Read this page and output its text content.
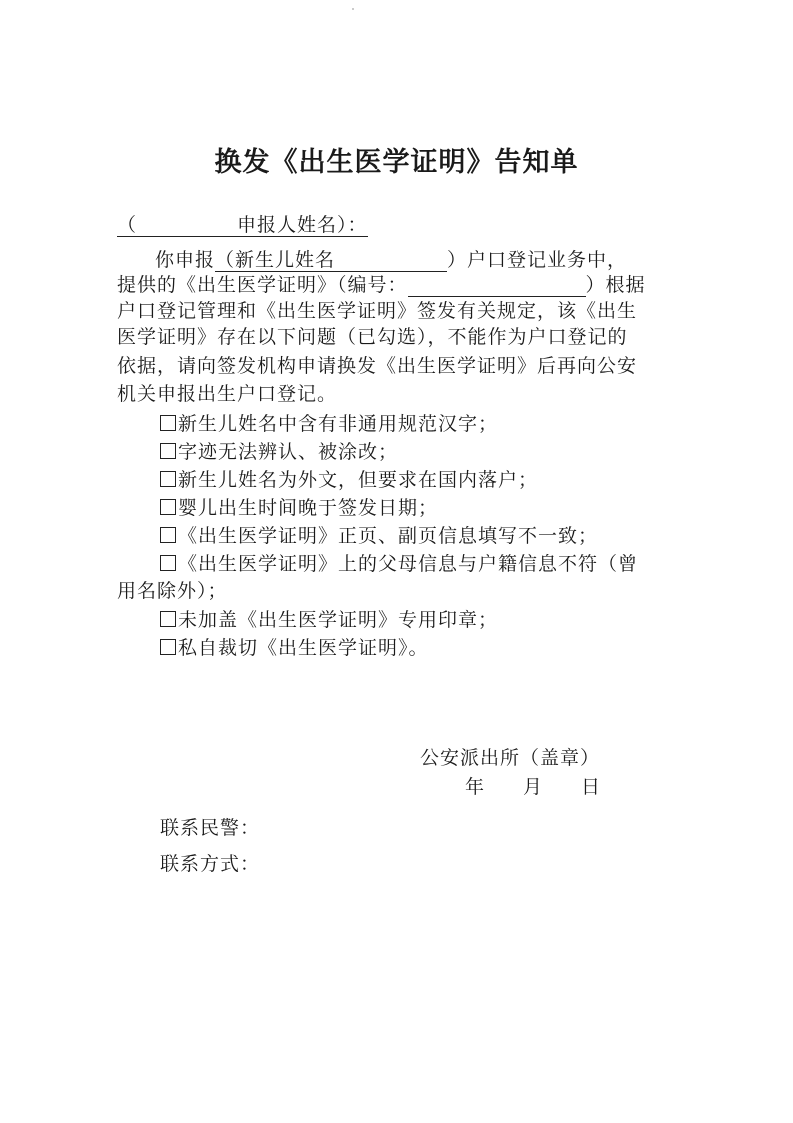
换发《出生医学证明》告知单
（	申报人姓名）：
你申报（新生儿姓名	）户口登记业务中，
提供的《出生医学证明》（编号：	）根据
户口登记管理和《出生医学证明》签发有关规定，该《出生
医学证明》存在以下问题（已勾选），不能作为户口登记的
依据，请向签发机构申请换发《出生医学证明》后再向公安
机关申报出生户口登记。
新生儿姓名中含有非通用规范汉字；
字迹无法辨认、被涂改；
新生儿姓名为外文，但要求在国内落户；
婴儿出生时间晚于签发日期；
《出生医学证明》正页、副页信息填写不一致；
《出生医学证明》上的父母信息与户籍信息不符（曾
用名除外）；
未加盖《出生医学证明》专用印章；
私自裁切《出生医学证明》。
公安派出所（盖章）
年 月 日
联系民警：
联系方式：
